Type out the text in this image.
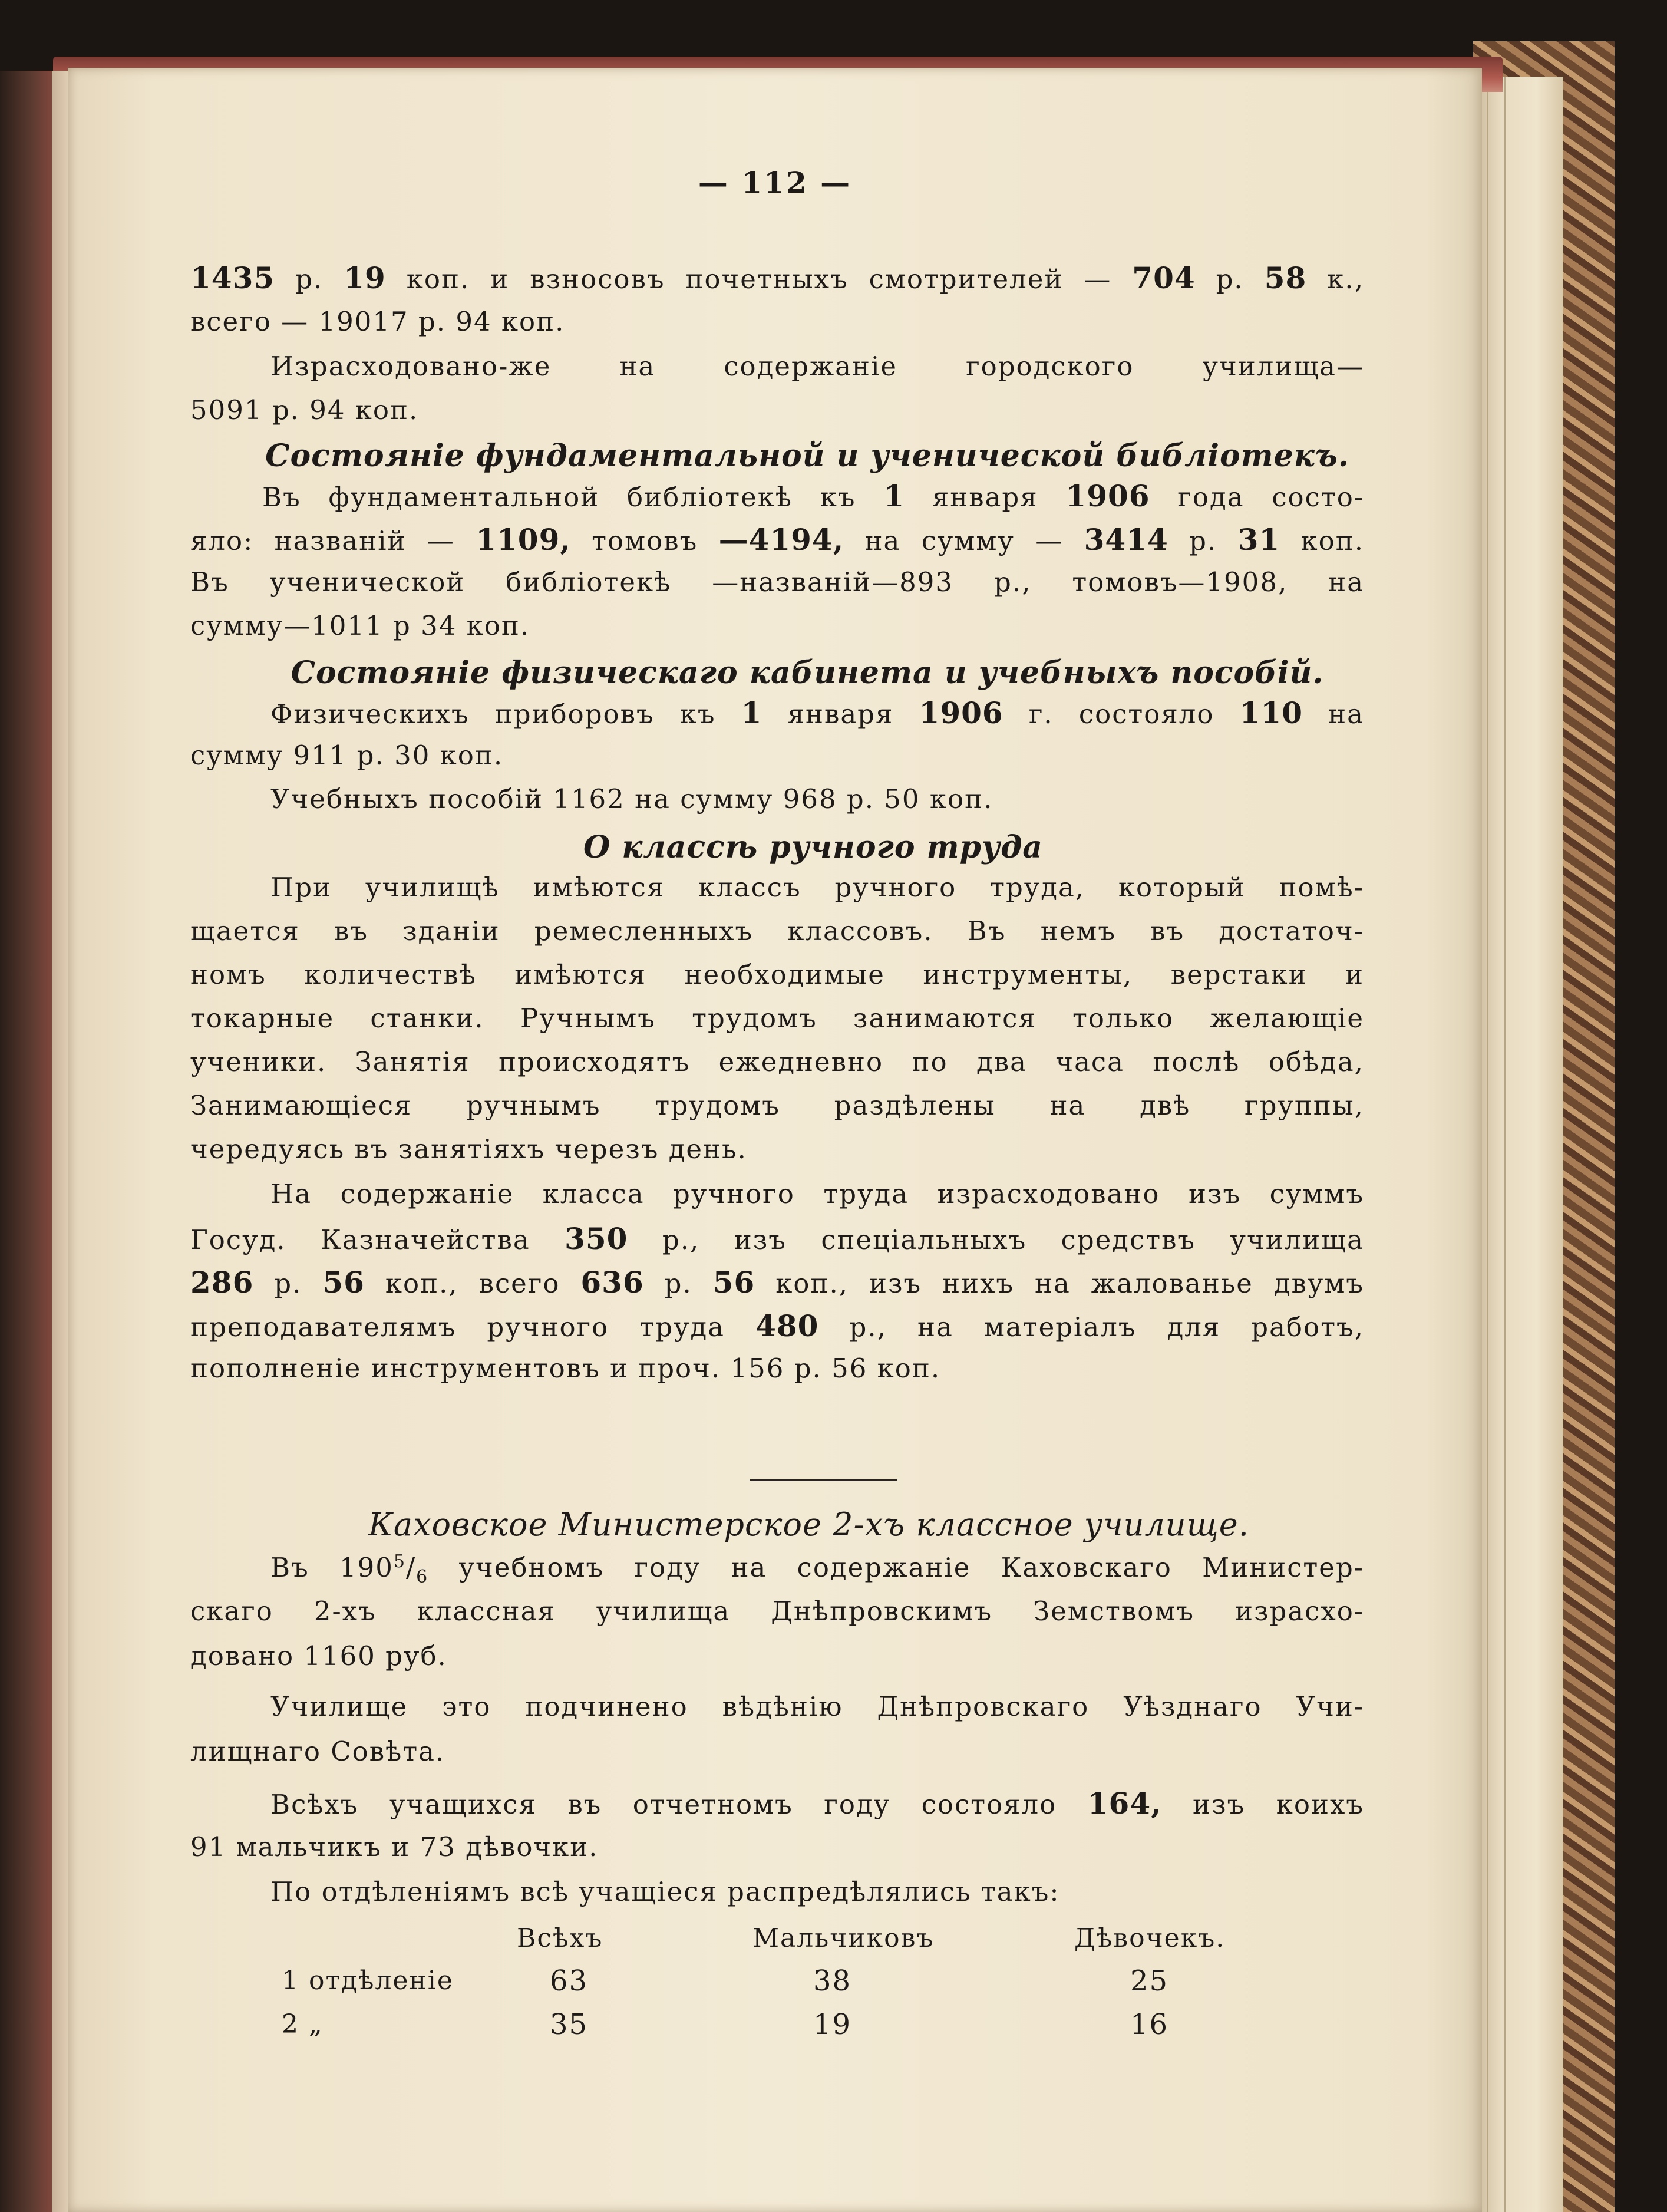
— 112 —
1435 р. 19 коп. и взносовъ почетныхъ смотрителей — 704 р. 58 к.,
всего — 19017 р. 94 коп.
Израсходовано-же	на	содержаніе	городского	училища—
5091 р. 94 коп.
Состояніе фундаментальной и ученической библіотекъ.
Въ фундаментальной библіотекѣ къ 1 января 1906 года состо-
яло: названій — 1109, томовъ —4194, на сумму — 3414 р. 31 коп.
Въ ученической библіотекѣ —названій—893 р., томовъ—1908, на
сумму—1011 р 34 коп.
Состояніе физическаго кабинета и учебныхъ пособій.
Физическихъ приборовъ къ 1 января 1906 г. состояло 110 на
сумму 911 р. 30 коп.
Учебныхъ пособій 1162 на сумму 968 р. 50 коп.
О классѣ ручного труда
При училищѣ имѣются классъ ручного труда, который помѣ-
щается въ зданіи ремесленныхъ классовъ. Въ немъ въ достаточ-
номъ количествѣ имѣются необходимые инструменты, верстаки и
токарные станки. Ручнымъ трудомъ занимаются только желающіе
ученики. Занятія происходятъ ежедневно по два часа послѣ обѣда,
Занимающіеся ручнымъ трудомъ раздѣлены на двѣ группы,
чередуясь въ занятіяхъ черезъ день.
На содержаніе класса ручного труда израсходовано изъ суммъ
Госуд. Казначейства 350 р., изъ спеціальныхъ средствъ училища
286 р. 56 коп., всего 636 р. 56 коп., изъ нихъ на жалованье двумъ
преподавателямъ ручного труда 480 р., на матеріалъ для работъ,
пополненіе инструментовъ и проч. 156 р. 56 коп.
Каховское Министерское 2-хъ классное училище.
Въ $190^5/_6$ учебномъ году на содержаніе Каховскаго Министер-
скаго 2-хъ классная училища Днѣпровскимъ Земствомъ израсхо-
довано 1160 руб.
Училище это подчинено вѣдѣнію Днѣпровскаго Уѣзднаго Учи-
лищнаго Совѣта.
Всѣхъ учащихся въ отчетномъ году состояло 164, изъ коихъ
91 мальчикъ и 73 дѣвочки.
По отдѣленіямъ всѣ учащіеся распредѣлялись такъ:
Всѣхъ	Мальчиковъ	Дѣвочекъ.
1 отдѣленіе	63	38	25
2 „	35	19	16
